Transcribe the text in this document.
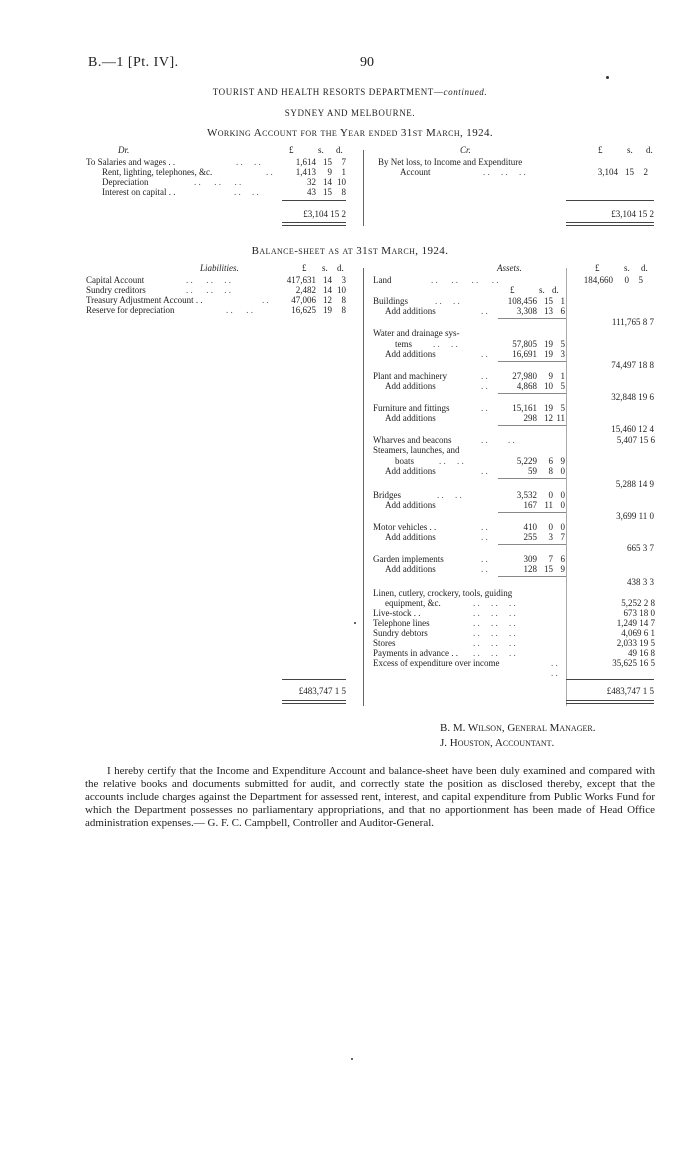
B.—1 [Pt. IV].	90
TOURIST AND HEALTH RESORTS DEPARTMENT—continued.
SYDNEY AND MELBOURNE.
Working Account for the Year ended 31st March, 1924.
Dr.	£	s. d.	Cr.	£	s. d.
To Salaries and wages . .	. .     . .	1,614 15	7
Rent, lighting, telephones, &c.	. .	1,413	9	1
Depreciation	. .      . .      . .	32 14 10
Interest on capital . .	. .     . .	43 15	8
£3,104 15 2
By Net loss, to Income and Expenditure
Account	. .     . .     . .	3,104 15	2
£3,104 15 2
Balance-sheet as at 31st March, 1924.
Liabilities.	£ s. d.	Assets.	£	s. d.
Capital Account	. .      . .     . .	417,631 14	3
Sundry creditors	. .      . .     . .	2,482 14 10
Treasury Adjustment Account . .	. .	47,006 12	8
Reserve for depreciation	. .      . .	16,625 19	8
Land	. .      . .      . .      . .	184,660	0	5
£	s. d.
Buildings	. .     . .	108,456 15 1
Add additions	. .	3,308 13 6
111,765 8 7
Water and drainage sys-
tems . .     . .	57,805 19 5
Add additions	. .	16,691 19 3
74,497 18 8
Plant and machinery	. .	27,980	9 1
Add additions	. .	4,868 10 5
32,848 19 6
Furniture and fittings	. .	15,161 19 5
Add additions	298 12 11
15,460 12 4
Wharves and beacons	. .         . .	5,407 15 6
Steamers, launches, and
boats	. .     . .	5,229	6 9
Add additions	. .	59	8 0
5,288 14 9
Bridges	. .     . .	3,532	0 0
Add additions	167 11 0
3,699 11 0
Motor vehicles . .	. .	410	0 0
Add additions	. .	255	3 7
665 3 7
Garden implements	. .	309	7 6
Add additions	. .	128 15 9
438 3 3
Linen, cutlery, crockery, tools, guiding
equipment, &c.	. .     . .     . .	5,252 2 8
Live-stock . .	. .     . .     . .	673 18 0
Telephone lines	. .     . .     . .	1,249 14 7
Sundry debtors	. .     . .     . .	4,069 6 1
Stores	. .     . .     . .	2,033 19 5
Payments in advance . . . .     . .     . .	49 16 8
Excess of expenditure over income	. .	35,625 16 5
. .
£483,747 1 5	£483,747 1 5
B. M. Wilson, General Manager.
J. Houston, Accountant.
I hereby certify that the Income and Expenditure Account and balance-sheet have been duly examined and compared with the relative books and documents submitted for audit, and correctly state the position as disclosed thereby, except that the accounts include charges against the Department for assessed rent, interest, and capital expenditure from Public Works Fund for which the Department possesses no parliamentary appropriations, and that no apportionment has been made of Head Office administration expenses.— G. F. C. Campbell, Controller and Auditor-General.
